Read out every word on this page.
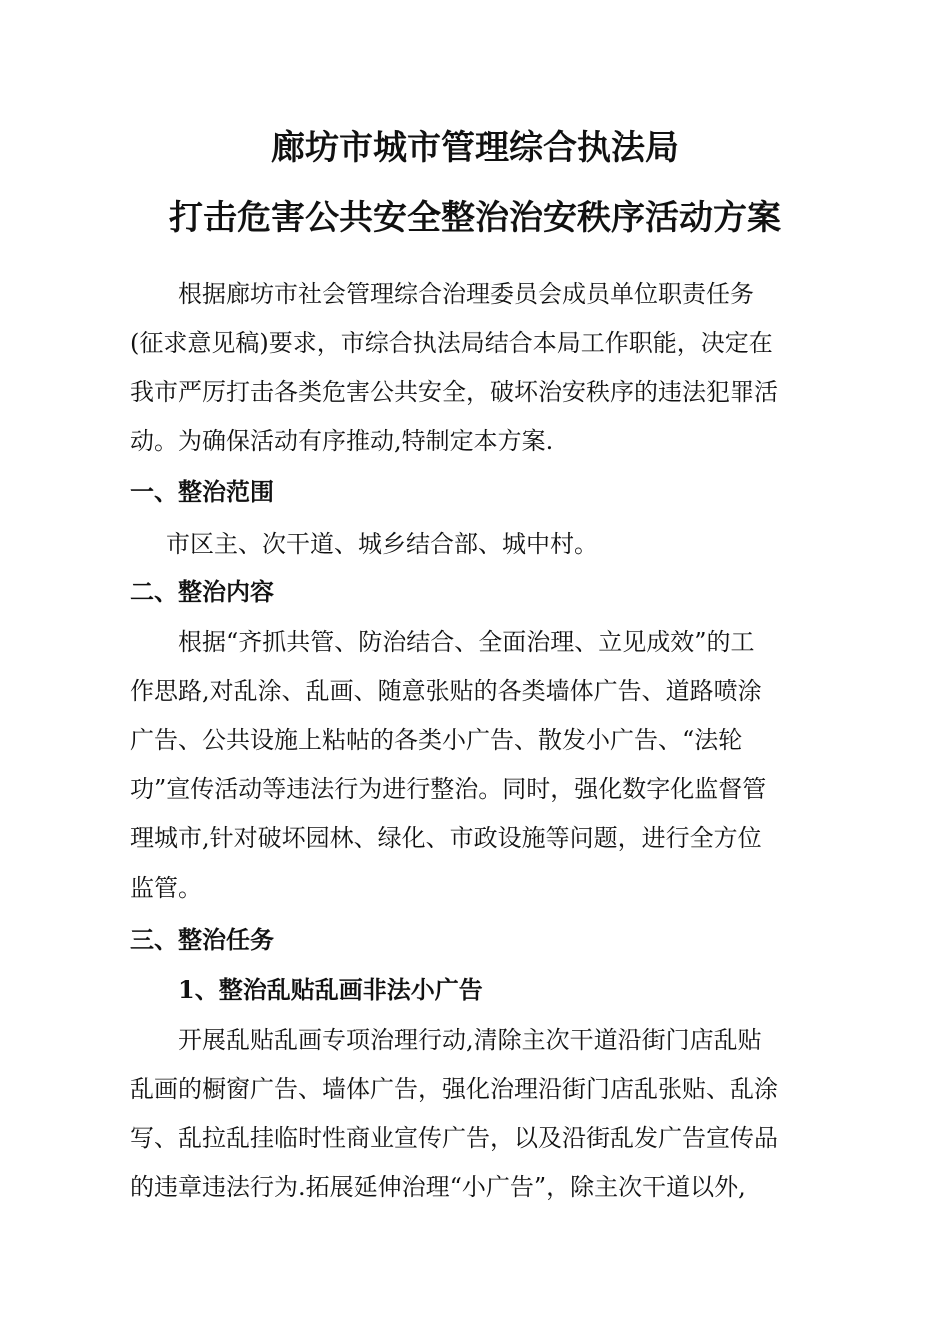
廊坊市城市管理综合执法局
打击危害公共安全整治治安秩序活动方案

根据廊坊市社会管理综合治理委员会成员单位职责任务

(征求意见稿)要求，市综合执法局结合本局工作职能，决定在

我市严厉打击各类危害公共安全，破坏治安秩序的违法犯罪活

动。为确保活动有序推动,特制定本方案.

一、整治范围

市区主、次干道、城乡结合部、城中村。

二、整治内容

根据“齐抓共管、防治结合、全面治理、立见成效”的工

作思路,对乱涂、乱画、随意张贴的各类墙体广告、道路喷涂

广告、公共设施上粘帖的各类小广告、散发小广告、“法轮

功”宣传活动等违法行为进行整治。同时，强化数字化监督管

理城市,针对破坏园林、绿化、市政设施等问题，进行全方位

监管。

三、整治任务
1、整治乱贴乱画非法小广告

开展乱贴乱画专项治理行动,清除主次干道沿街门店乱贴

乱画的橱窗广告、墙体广告，强化治理沿街门店乱张贴、乱涂

写、乱拉乱挂临时性商业宣传广告，以及沿街乱发广告宣传品

的违章违法行为.拓展延伸治理“小广告”，除主次干道以外,
